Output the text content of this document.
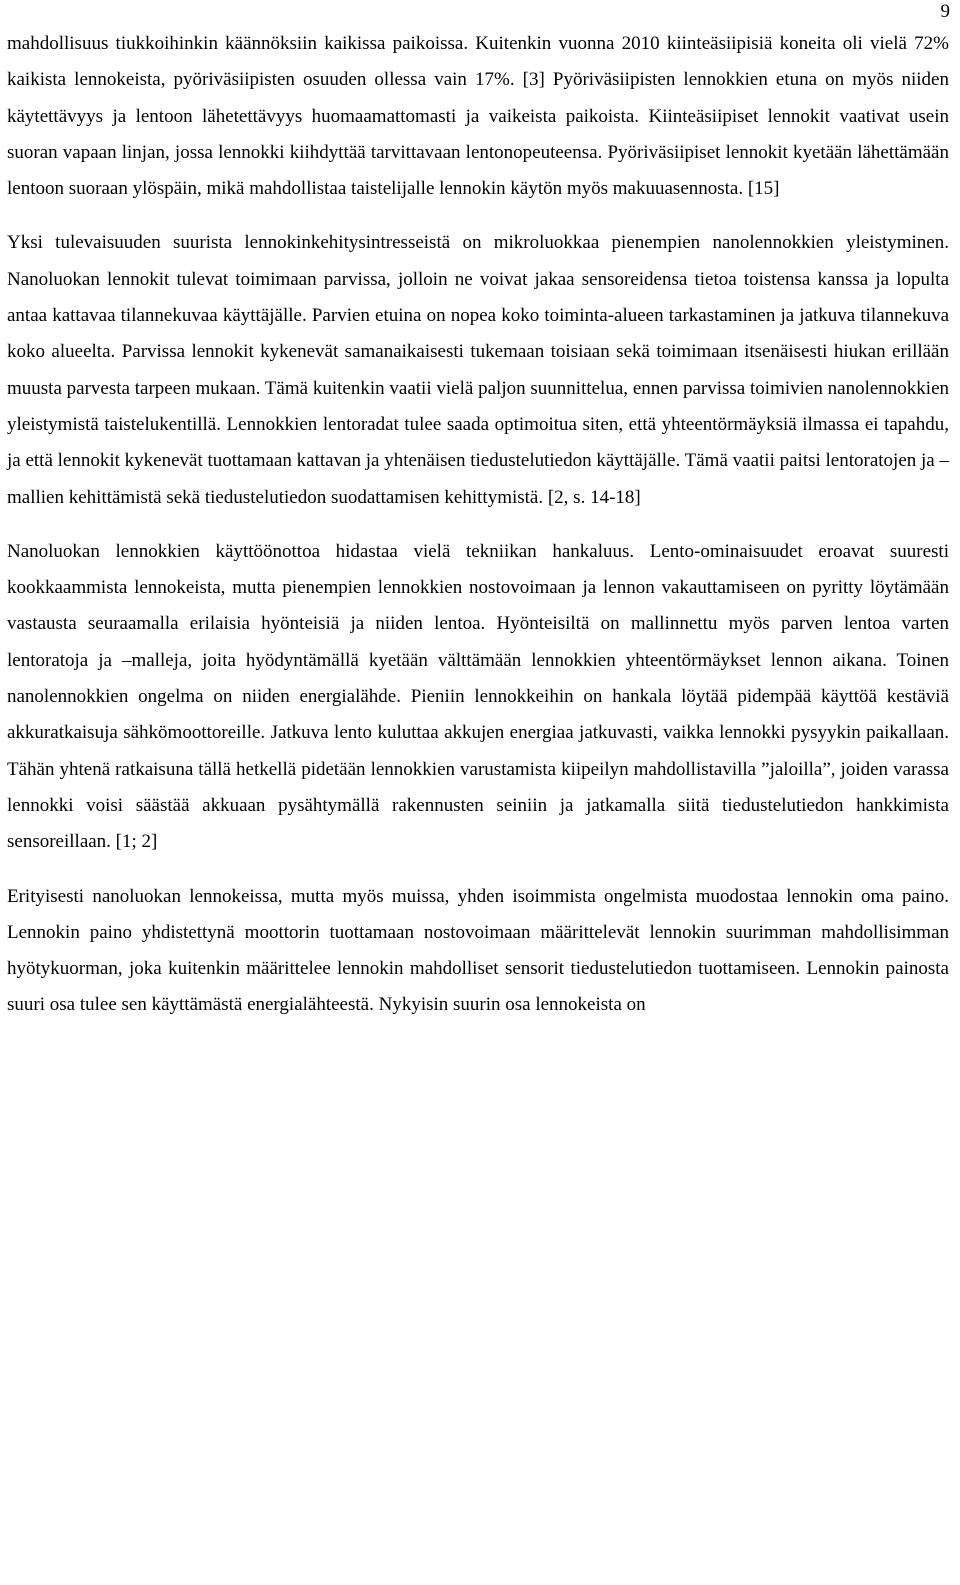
9

mahdollisuus tiukkoihinkin käännöksiin kaikissa paikoissa. Kuitenkin vuonna 2010 kiinteäsiipisiä koneita oli vielä 72% kaikista lennokeista, pyöriväsiipisten osuuden ollessa vain 17%. [3] Pyöriväsiipisten lennokkien etuna on myös niiden käytettävyys ja lentoon lähetettävyys huomaamattomasti ja vaikeista paikoista. Kiinteäsiipiset lennokit vaativat usein suoran vapaan linjan, jossa lennokki kiihdyttää tarvittavaan lentonopeuteensa. Pyöriväsiipiset lennokit kyetään lähettämään lentoon suoraan ylöspäin, mikä mahdollistaa taistelijalle lennokin käytön myös makuuasennosta. [15]

Yksi tulevaisuuden suurista lennokinkehitysintresseistä on mikroluokkaa pienempien nanolennokkien yleistyminen. Nanoluokan lennokit tulevat toimimaan parvissa, jolloin ne voivat jakaa sensoreidensa tietoa toistensa kanssa ja lopulta antaa kattavaa tilannekuvaa käyttäjälle. Parvien etuina on nopea koko toiminta-alueen tarkastaminen ja jatkuva tilannekuva koko alueelta. Parvissa lennokit kykenevät samanaikaisesti tukemaan toisiaan sekä toimimaan itsenäisesti hiukan erillään muusta parvesta tarpeen mukaan. Tämä kuitenkin vaatii vielä paljon suunnittelua, ennen parvissa toimivien nanolennokkien yleistymistä taistelukentillä. Lennokkien lentoradat tulee saada optimoitua siten, että yhteentörmäyksiä ilmassa ei tapahdu, ja että lennokit kykenevät tuottamaan kattavan ja yhtenäisen tiedustelutiedon käyttäjälle. Tämä vaatii paitsi lentoratojen ja –mallien kehittämistä sekä tiedustelutiedon suodattamisen kehittymistä. [2, s. 14-18]

Nanoluokan lennokkien käyttöönottoa hidastaa vielä tekniikan hankaluus. Lento-ominaisuudet eroavat suuresti kookkaammista lennokeista, mutta pienempien lennokkien nostovoimaan ja lennon vakauttamiseen on pyritty löytämään vastausta seuraamalla erilaisia hyönteisiä ja niiden lentoa. Hyönteisiltä on mallinnettu myös parven lentoa varten lentoratoja ja –malleja, joita hyödyntämällä kyetään välttämään lennokkien yhteentörmäykset lennon aikana. Toinen nanolennokkien ongelma on niiden energialähde. Pieniin lennokkeihin on hankala löytää pidempää käyttöä kestäviä akkuratkaisuja sähkömoottoreille. Jatkuva lento kuluttaa akkujen energiaa jatkuvasti, vaikka lennokki pysyykin paikallaan. Tähän yhtenä ratkaisuna tällä hetkellä pidetään lennokkien varustamista kiipeilyn mahdollistavilla ”jaloilla”, joiden varassa lennokki voisi säästää akkuaan pysähtymällä rakennusten seiniin ja jatkamalla siitä tiedustelutiedon hankkimista sensoreillaan. [1; 2]

Erityisesti nanoluokan lennokeissa, mutta myös muissa, yhden isoimmista ongelmista muodostaa lennokin oma paino. Lennokin paino yhdistettynä moottorin tuottamaan nostovoimaan määrittelevät lennokin suurimman mahdollisimman hyötykuorman, joka kuitenkin määrittelee lennokin mahdolliset sensorit tiedustelutiedon tuottamiseen. Lennokin painosta suuri osa tulee sen käyttämästä energialähteestä. Nykyisin suurin osa lennokeista on
